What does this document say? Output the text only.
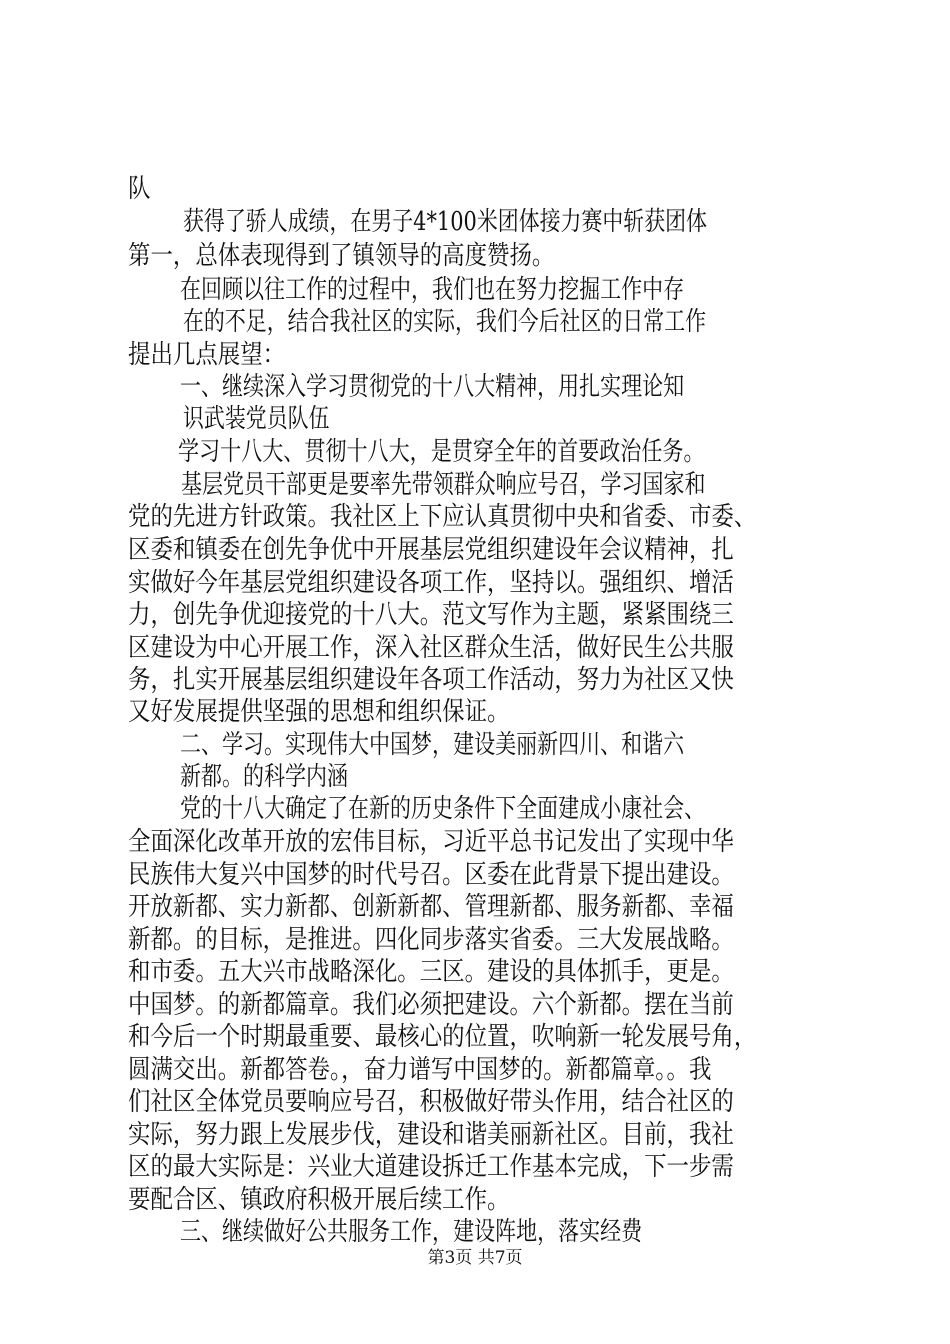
队
获得了骄人成绩，在男子4*100米团体接力赛中斩获团体
第一，总体表现得到了镇领导的高度赞扬。
在回顾以往工作的过程中，我们也在努力挖掘工作中存
在的不足，结合我社区的实际，我们今后社区的日常工作
提出几点展望：
一、继续深入学习贯彻党的十八大精神，用扎实理论知
识武装党员队伍
学习十八大、贯彻十八大，是贯穿全年的首要政治任务。
基层党员干部更是要率先带领群众响应号召，学习国家和
党的先进方针政策。我社区上下应认真贯彻中央和省委、市委、
区委和镇委在创先争优中开展基层党组织建设年会议精神，扎
实做好今年基层党组织建设各项工作，坚持以。强组织、增活
力，创先争优迎接党的十八大。范文写作为主题，紧紧围绕三
区建设为中心开展工作，深入社区群众生活，做好民生公共服
务，扎实开展基层组织建设年各项工作活动，努力为社区又快
又好发展提供坚强的思想和组织保证。
二、学习。实现伟大中国梦，建设美丽新四川、和谐六
新都。的科学内涵
党的十八大确定了在新的历史条件下全面建成小康社会、
全面深化改革开放的宏伟目标，习近平总书记发出了实现中华
民族伟大复兴中国梦的时代号召。区委在此背景下提出建设。
开放新都、实力新都、创新新都、管理新都、服务新都、幸福
新都。的目标，是推进。四化同步落实省委。三大发展战略。
和市委。五大兴市战略深化。三区。建设的具体抓手，更是。
中国梦。的新都篇章。我们必须把建设。六个新都。摆在当前
和今后一个时期最重要、最核心的位置，吹响新一轮发展号角，
圆满交出。新都答卷。，奋力谱写中国梦的。新都篇章。。我
们社区全体党员要响应号召，积极做好带头作用，结合社区的
实际，努力跟上发展步伐，建设和谐美丽新社区。目前，我社
区的最大实际是：兴业大道建设拆迁工作基本完成，下一步需
要配合区、镇政府积极开展后续工作。
三、继续做好公共服务工作，建设阵地，落实经费
第3页 共7页
